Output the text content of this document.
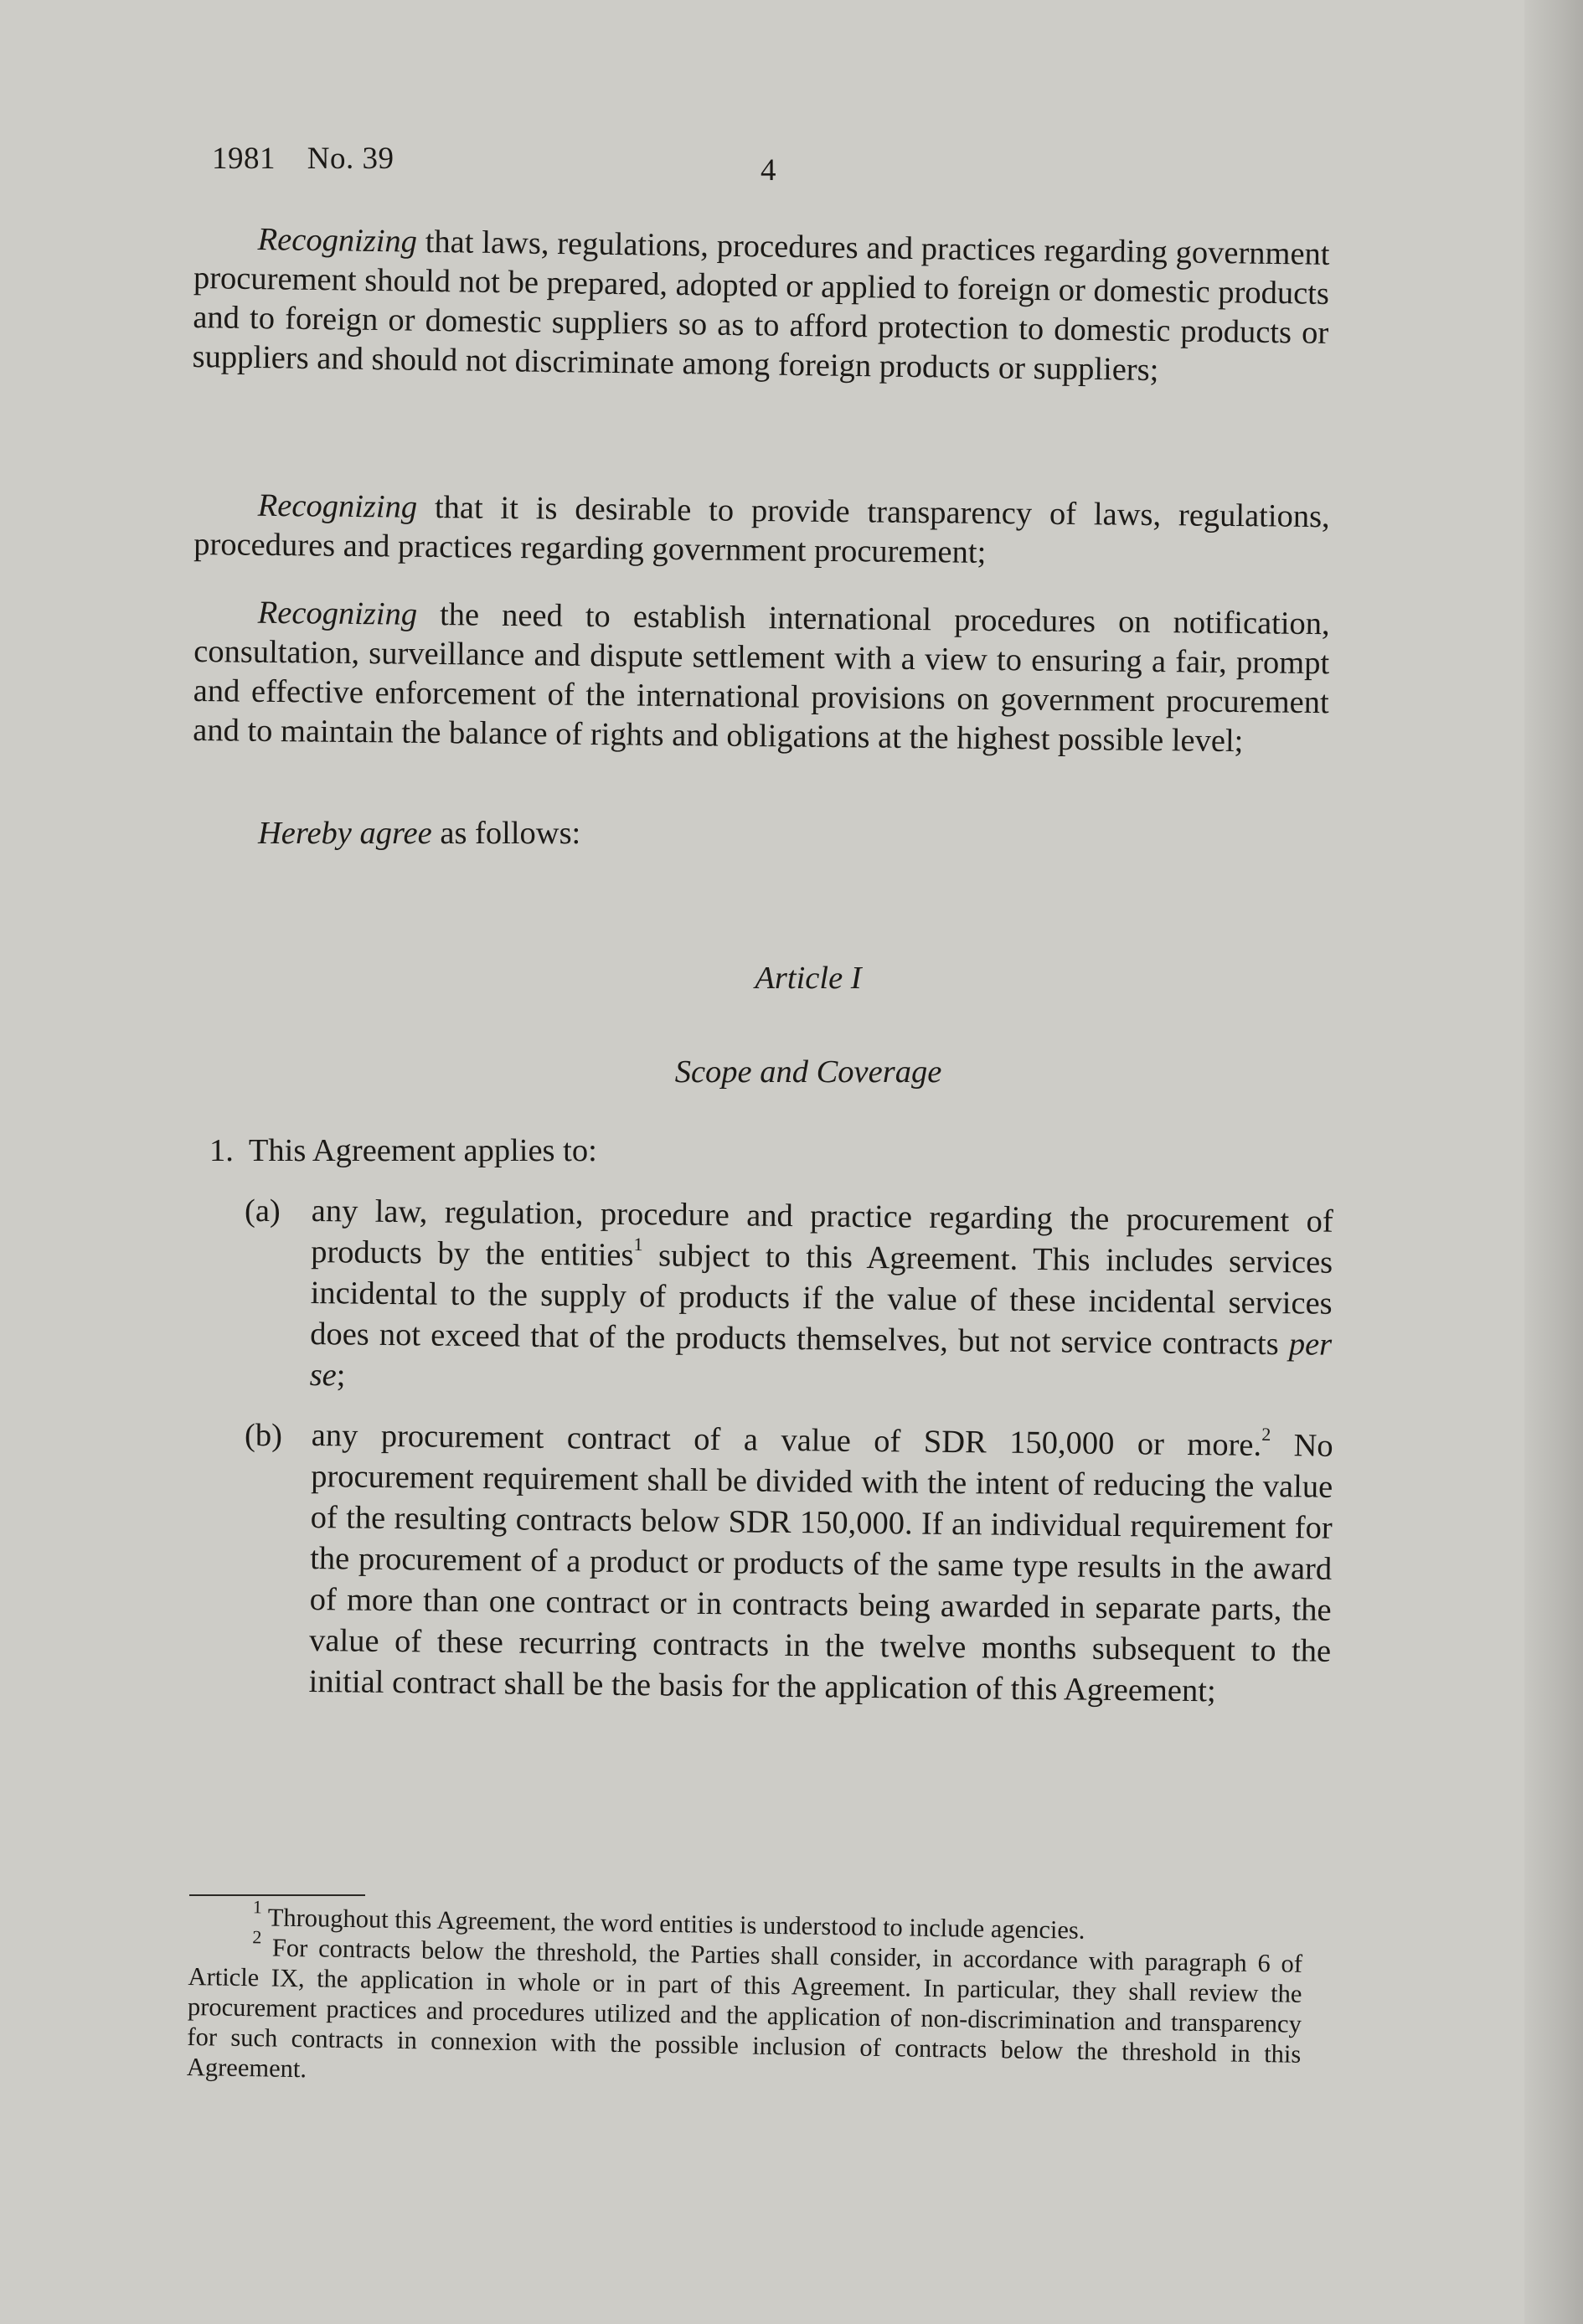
1981 No. 39	4

Recognizing that laws, regulations, procedures and practices regarding government procurement should not be prepared, adopted or applied to foreign or domestic products and to foreign or domestic suppliers so as to afford protection to domestic products or suppliers and should not discriminate among foreign products or suppliers;

Recognizing that it is desirable to provide transparency of laws, regulations, procedures and practices regarding government procurement;

Recognizing the need to establish international procedures on notification, consultation, surveillance and dispute settlement with a view to ensuring a fair, prompt and effective enforcement of the international provisions on government procurement and to maintain the balance of rights and obligations at the highest possible level;

Hereby agree as follows:

Article I
Scope and Coverage
1. This Agreement applies to:
(a) any law, regulation, procedure and practice regarding the procurement of products by the entities$^1$ subject to this Agreement. This includes services incidental to the supply of products if the value of these incidental services does not exceed that of the products themselves, but not service contracts per se;
(b) any procurement contract of a value of SDR 150,000 or more.$^2$ No procurement requirement shall be divided with the intent of reducing the value of the resulting contracts below SDR 150,000. If an individual requirement for the procurement of a product or products of the same type results in the award of more than one contract or in contracts being awarded in separate parts, the value of these recurring contracts in the twelve months subsequent to the initial contract shall be the basis for the application of this Agreement;

$^1$ Throughout this Agreement, the word entities is understood to include agencies.

$^2$ For contracts below the threshold, the Parties shall consider, in accordance with paragraph 6 of Article IX, the application in whole or in part of this Agreement. In particular, they shall review the procurement practices and procedures utilized and the application of non-discrimination and transparency for such contracts in connexion with the possible inclusion of contracts below the threshold in this Agreement.
